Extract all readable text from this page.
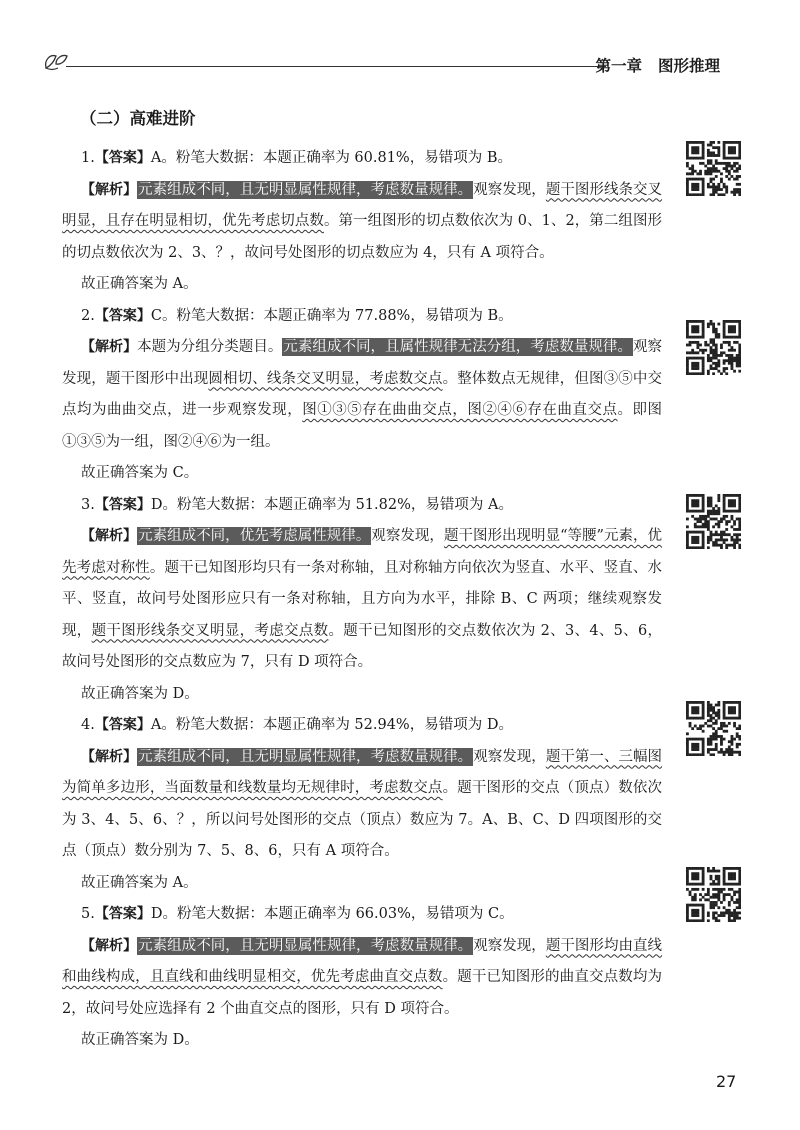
第一章 图形推理
（二）高难进阶

1.【答案】A。粉笔大数据：本题正确率为 60.81%，易错项为 B。

【解析】元素组成不同，且无明显属性规律，考虑数量规律。观察发现，题干图形线条交叉明显，且存在明显相切，优先考虑切点数。第一组图形的切点数依次为 0、1、2，第二组图形的切点数依次为 2、3、？，故问号处图形的切点数应为 4，只有 A 项符合。

故正确答案为 A。

2.【答案】C。粉笔大数据：本题正确率为 77.88%，易错项为 B。

【解析】本题为分组分类题目。元素组成不同，且属性规律无法分组，考虑数量规律。观察发现，题干图形中出现圆相切、线条交叉明显，考虑数交点。整体数点无规律，但图③⑤中交点均为曲曲交点，进一步观察发现，图①③⑤存在曲曲交点，图②④⑥存在曲直交点。即图①③⑤为一组，图②④⑥为一组。

故正确答案为 C。

3.【答案】D。粉笔大数据：本题正确率为 51.82%，易错项为 A。

【解析】元素组成不同，优先考虑属性规律。观察发现，题干图形出现明显“等腰”元素，优先考虑对称性。题干已知图形均只有一条对称轴，且对称轴方向依次为竖直、水平、竖直、水平、竖直，故问号处图形应只有一条对称轴，且方向为水平，排除 B、C 两项；继续观察发现，题干图形线条交叉明显，考虑交点数。题干已知图形的交点数依次为 2、3、4、5、6，故问号处图形的交点数应为 7，只有 D 项符合。

故正确答案为 D。

4.【答案】A。粉笔大数据：本题正确率为 52.94%，易错项为 D。

【解析】元素组成不同，且无明显属性规律，考虑数量规律。观察发现，题干第一、三幅图为简单多边形，当面数量和线数量均无规律时，考虑数交点。题干图形的交点（顶点）数依次为 3、4、5、6、？，所以问号处图形的交点（顶点）数应为 7。A、B、C、D 四项图形的交点（顶点）数分别为 7、5、8、6，只有 A 项符合。

故正确答案为 A。

5.【答案】D。粉笔大数据：本题正确率为 66.03%，易错项为 C。

【解析】元素组成不同，且无明显属性规律，考虑数量规律。观察发现，题干图形均由直线和曲线构成，且直线和曲线明显相交，优先考虑曲直交点数。题干已知图形的曲直交点数均为 2，故问号处应选择有 2 个曲直交点的图形，只有 D 项符合。

故正确答案为 D。

27
